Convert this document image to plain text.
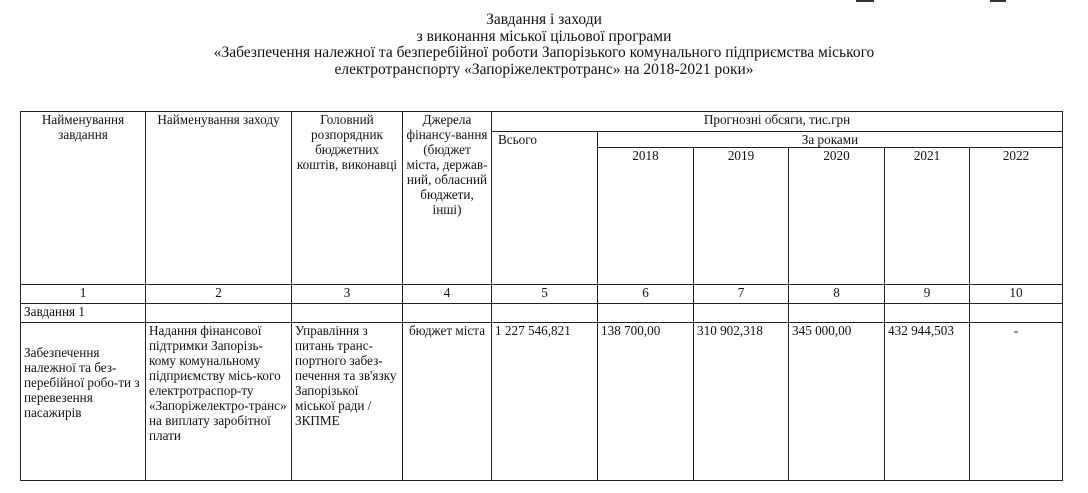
Завдання і заходи
з виконання міської цільової програми
«Забезпечення належної та безперебійної роботи Запорізького комунального підприємства міського
електротранспорту «Запоріжелектротранс» на 2018-2021 роки»
Найменування завдання	Найменування заходу	Головний розпорядник бюджетних коштів, виконавці	Джерела фінансу-вання (бюджет міста, держав-ний, обласний бюджети, інші)	Прогнозні обсяги, тис.грн					
				Всього	За роками				
					2018	2019	2020	2021	2022
1	2	3	4	5	6	7	8	9	10
Завдання 1									
Забезпечення належної та без-перебійної робо-ти з перевезення пасажирів	Надання фінансової підтримки Запорізь-кому комунальному підприємству місь-кого електротраспор-ту «Запоріжелектро-транс» на виплату заробітної плати	Управління з питань транс-портного забез-печення та зв'язку Запорізької міської ради / ЗКПМЕ	бюджет міста	1 227 546,821	138 700,00	310 902,318	345 000,00	432 944,503	-
